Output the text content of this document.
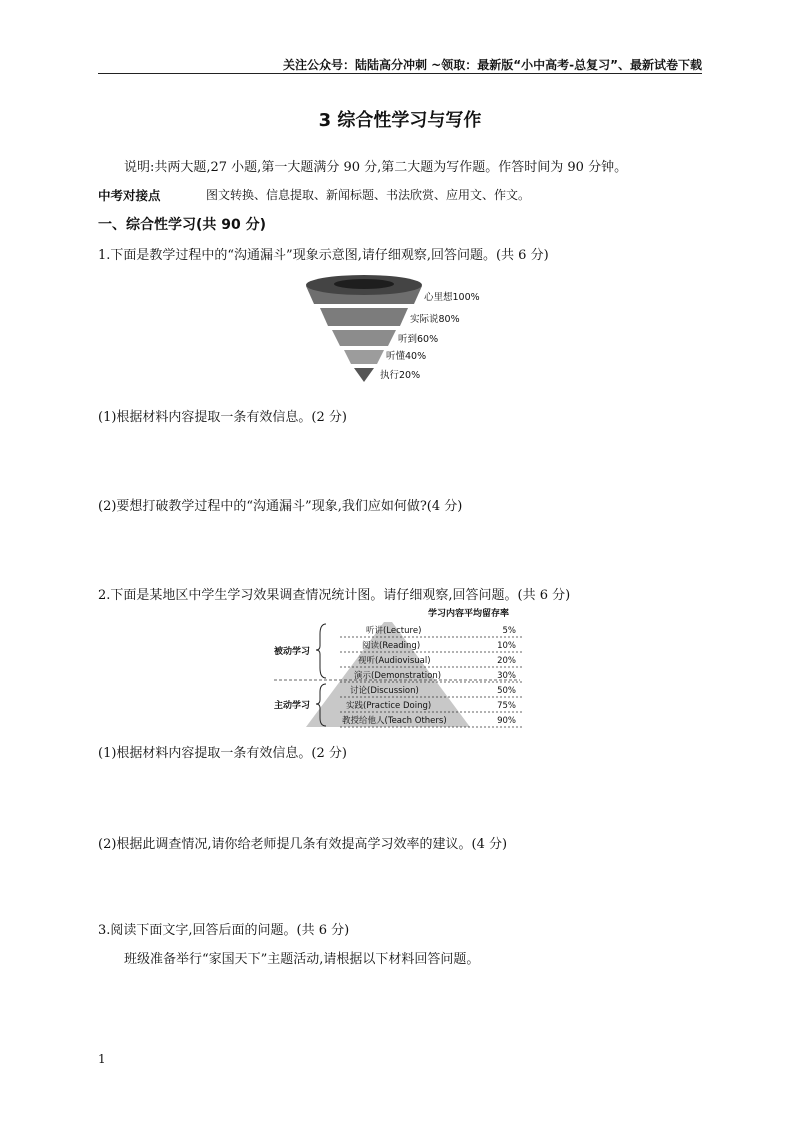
关注公众号：陆陆高分冲刺 ~领取：最新版“小中高考-总复习”、最新试卷下载
3 综合性学习与写作
说明:共两大题,27 小题,第一大题满分 90 分,第二大题为写作题。作答时间为 90 分钟。
中考对接点	图文转换、信息提取、新闻标题、书法欣赏、应用文、作文。
一、综合性学习(共 90 分)
1.下面是教学过程中的“沟通漏斗”现象示意图,请仔细观察,回答问题。(共 6 分)
心里想100%
实际说80%
听到60%
听懂40%
执行20%
(1)根据材料内容提取一条有效信息。(2 分)
(2)要想打破教学过程中的“沟通漏斗”现象,我们应如何做?(4 分)
2.下面是某地区中学生学习效果调查情况统计图。请仔细观察,回答问题。(共 6 分)
学习内容平均留存率
听讲(Lecture)	5%
阅读(Reading)	10%
视听(Audiovisual)	20%
演示(Demonstration)	30%
讨论(Discussion)	50%
实践(Practice Doing)	75%
教授给他人(Teach Others)	90%
被动学习
主动学习
(1)根据材料内容提取一条有效信息。(2 分)
(2)根据此调查情况,请你给老师提几条有效提高学习效率的建议。(4 分)
3.阅读下面文字,回答后面的问题。(共 6 分)
班级准备举行“家国天下”主题活动,请根据以下材料回答问题。
1
